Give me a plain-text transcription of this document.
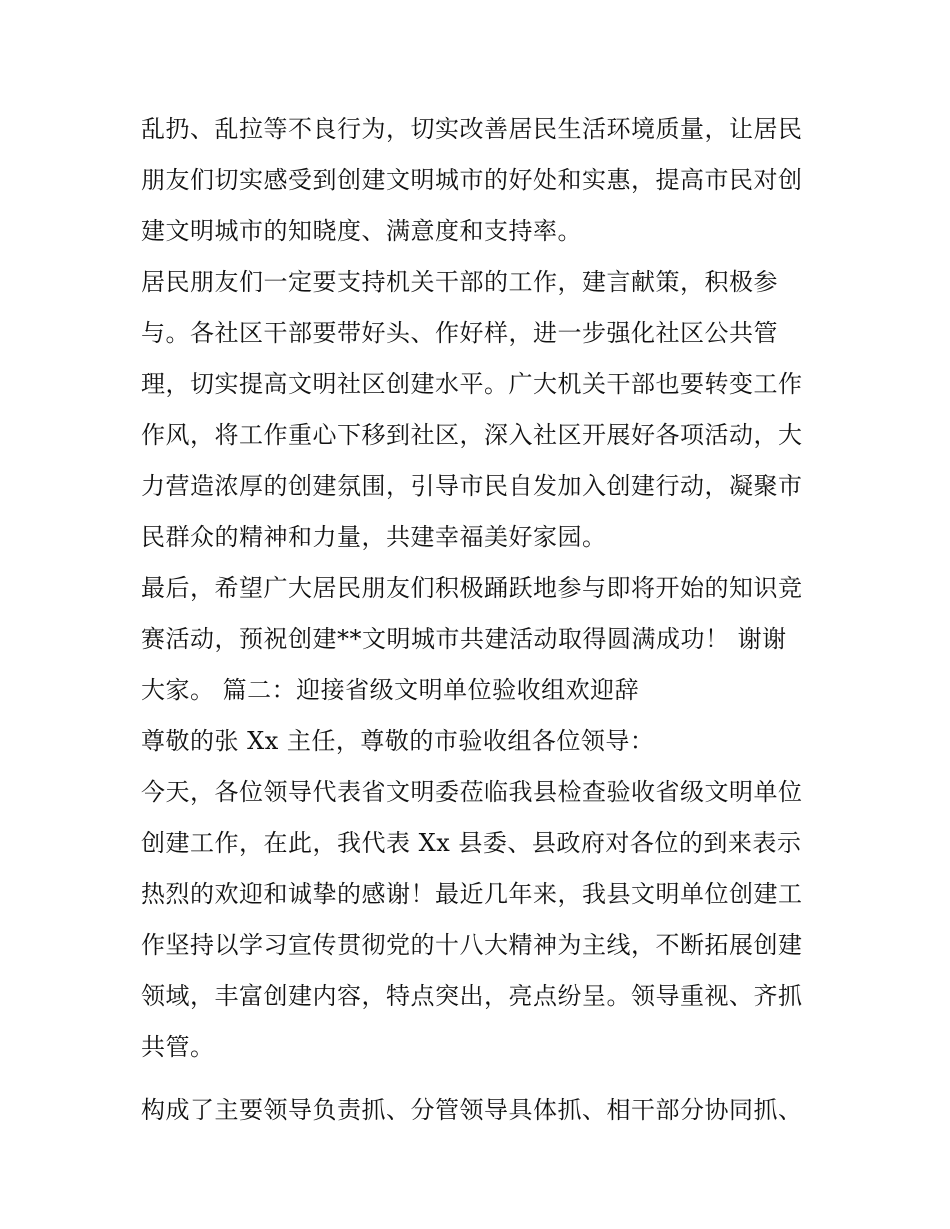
乱扔、乱拉等不良行为，切实改善居民生活环境质量，让居民
朋友们切实感受到创建文明城市的好处和实惠，提高市民对创
建文明城市的知晓度、满意度和支持率。
居民朋友们一定要支持机关干部的工作，建言献策，积极参
与。各社区干部要带好头、作好样，进一步强化社区公共管
理，切实提高文明社区创建水平。广大机关干部也要转变工作
作风，将工作重心下移到社区，深入社区开展好各项活动，大
力营造浓厚的创建氛围，引导市民自发加入创建行动，凝聚市
民群众的精神和力量，共建幸福美好家园。
最后，希望广大居民朋友们积极踊跃地参与即将开始的知识竞
赛活动，预祝创建**文明城市共建活动取得圆满成功！ 谢谢
大家。 篇二：迎接省级文明单位验收组欢迎辞
尊敬的张 Xx 主任，尊敬的市验收组各位领导：
今天，各位领导代表省文明委莅临我县检查验收省级文明单位
创建工作，在此，我代表 Xx 县委、县政府对各位的到来表示
热烈的欢迎和诚挚的感谢！最近几年来，我县文明单位创建工
作坚持以学习宣传贯彻党的十八大精神为主线，不断拓展创建
领域，丰富创建内容，特点突出，亮点纷呈。领导重视、齐抓
共管。
构成了主要领导负责抓、分管领导具体抓、相干部分协同抓、
